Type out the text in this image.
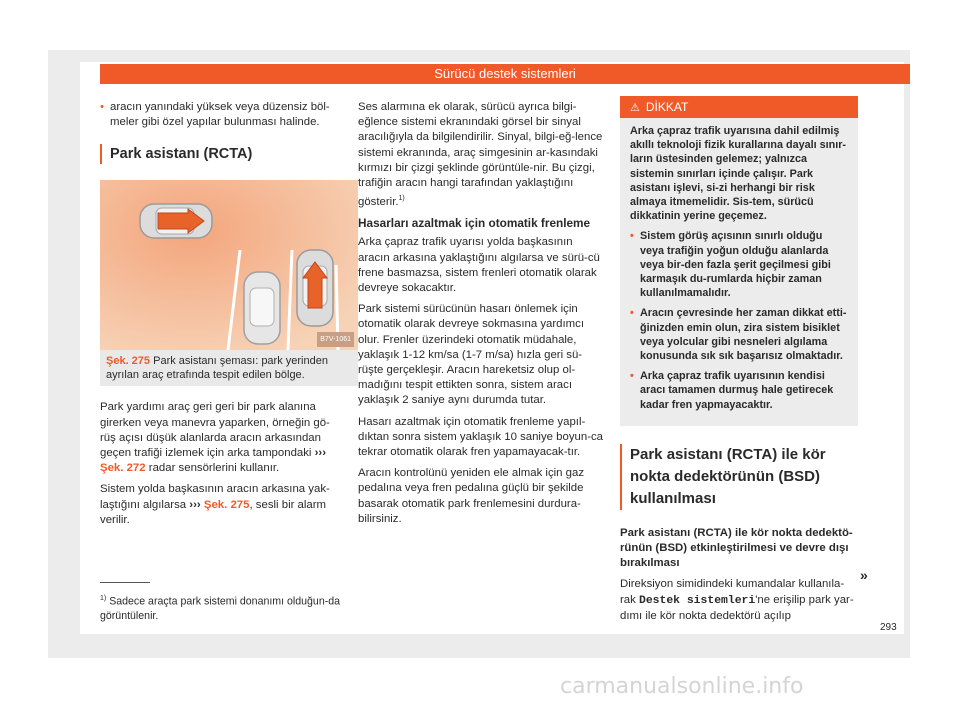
Sürücü destek sistemleri

• aracın yanındaki yüksek veya düzensiz böl-meler gibi özel yapılar bulunması halinde.

Park asistanı (RCTA)
B7V-1061
Şek. 275 Park asistanı şeması: park yerinden ayrılan araç etrafında tespit edilen bölge.

Park yardımı araç geri geri bir park alanına girerken veya manevra yaparken, örneğin gö-rüş açısı düşük alanlarda aracın arkasından geçen trafiği izlemek için arka tampondaki ››› Şek. 272 radar sensörlerini kullanır.

Sistem yolda başkasının aracın arkasına yak-laştığını algılarsa ››› Şek. 275, sesli bir alarm verilir.

Ses alarmına ek olarak, sürücü ayrıca bilgi-eğlence sistemi ekranındaki görsel bir sinyal aracılığıyla da bilgilendirilir. Sinyal, bilgi-eğ-lence sistemi ekranında, araç simgesinin ar-kasındaki kırmızı bir çizgi şeklinde görüntüle-nir. Bu çizgi, trafiğin aracın hangi tarafından yaklaştığını gösterir.$^{1)}$

Hasarları azaltmak için otomatik frenleme

Arka çapraz trafik uyarısı yolda başkasının aracın arkasına yaklaştığını algılarsa ve sürü-cü frene basmazsa, sistem frenleri otomatik olarak devreye sokacaktır.

Park sistemi sürücünün hasarı önlemek için otomatik olarak devreye sokmasına yardımcı olur. Frenler üzerindeki otomatik müdahale, yaklaşık 1-12 km/sa (1-7 m/sa) hızla geri sü-rüşte gerçekleşir. Aracın hareketsiz olup ol-madığını tespit ettikten sonra, sistem aracı yaklaşık 2 saniye aynı durumda tutar.

Hasarı azaltmak için otomatik frenleme yapıl-dıktan sonra sistem yaklaşık 10 saniye boyun-ca tekrar otomatik olarak fren yapamayacak-tır.

Aracın kontrolünü yeniden ele almak için gaz pedalına veya fren pedalına güçlü bir şekilde basarak otomatik park frenlemesini durdura-bilirsiniz.

⚠ DİKKAT

Arka çapraz trafik uyarısına dahil edilmiş akıllı teknoloji fizik kurallarına dayalı sınır-ların üstesinden gelemez; yalnızca sistemin sınırları içinde çalışır. Park asistanı işlevi, si-zi herhangi bir risk almaya itmemelidir. Sis-tem, sürücü dikkatinin yerine geçemez.

• Sistem görüş açısının sınırlı olduğu veya trafiğin yoğun olduğu alanlarda veya bir-den fazla şerit geçilmesi gibi karmaşık du-rumlarda hiçbir zaman kullanılmamalıdır.

• Aracın çevresinde her zaman dikkat etti-ğinizden emin olun, zira sistem bisiklet veya yolcular gibi nesneleri algılama konusunda sık sık başarısız olmaktadır.

• Arka çapraz trafik uyarısının kendisi aracı tamamen durmuş hale getirecek kadar fren yapmayacaktır.

Park asistanı (RCTA) ile kör nokta dedektörünün (BSD) kullanılması

Park asistanı (RCTA) ile kör nokta dedektö-rünün (BSD) etkinleştirilmesi ve devre dışı bırakılması

Direksiyon simidindeki kumandalar kullanıla-rak Destek sistemleri'ne erişilip park yar-dımı ile kör nokta dedektörü açılıp

$^{1)}$ Sadece araçta park sistemi donanımı olduğun-da görüntülenir.
»
293
carmanualsonline.info
